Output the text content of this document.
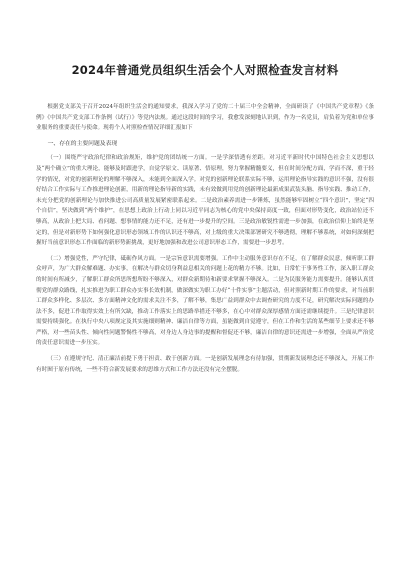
2024年普通党员组织生活会个人对照检查发言材料

根据党支部关于召开2024年组织生活会的通知要求，我深入学习了党的二十届三中全会精神，全面研读了《中国共产党章程》《条例》《中国共产党支部工作条例（试行）》等党内法规。通过这段时间的学习，我愈发深刻地认识到，作为一名党员，肩负着为党和单位事业服务的重要责任与使命。现将个人对照检查情况详细汇报如下

一、存在的主要问题及表现

（一）围绕严守政治纪律和政治规矩，维护党的团结统一方面。一是学深悟透有差距。对习近平新时代中国特色社会主义思想以及“两个确立”的重大理论，能够及时跟进学，自觉学原文、读原著、悟原理，努力掌握精髓要义，但在时间分配方面，学而不深，重于轻学的情况，对党的创新理论的理解不够深入，未能到全面深入学。对党的创新理论联系实际不够，运用理论指导实践的意识不强，没有很好结合工作实际与工作推进理论创新，用新的理论指导新的实践，未有效做到用党的创新理论最新成果武装头脑、指导实践、推动工作，未充分把党的创新理论与加快推进公司高质量发展紧密联系起来。二是政治素养需进一步锤炼，虽然能够牢固树立“四个意识”，坚定“四个自信”，坚决做到“两个维护”，在思想上政治上行动上同以习近平同志为核心的党中央保持高度一致，但面对形势变化，政治站位还不够高，从政治上把大局、看问题、想事情的能力还不足，还有进一步提升的空间。三是政治敏锐性需进一步加强，在政治信仰上始终是坚定的，但是对新形势下如何强化意识形态领域工作的认识还不够高，对上级的重大决策部署研究不够透彻，理解不够系统，对如何深刻把握好当前意识形态工作面临的新形势新挑战，更好地加强和改进公司意识形态工作，需要进一步思考。

（二）增强党性，严守纪律，砥砺作风方面。一是宗旨意识需要增强。工作中主动服务意识存在不足，在了解群众民意，倾听职工群众呼声，为广大群众解难题、办实事，在解决与群众切身利益息相关的问题上花的精力不够。比如，日常忙于事务性工作，深入职工群众的时间有所减少，了解职工群众所思所想所盼不够深入，对群众新期待和新要求掌握不够深入。二是为民服务能力需要提升。能够认真贯彻党的群众路线，扎实推进为职工群众办实事长效机制，做深做实为职工办好“十件实事”主题活动，但对照新时期工作的要求，对当前职工群众多样化、多层次、多方面精神文化的需求关注不多，了解不够，集思广益到群众中去调查研究的力度不足，研究解决实际问题的办法不多，促进工作取得实效上有所欠缺，推动工作落实上的思路举措还不够多，在心中对群众深厚感情方面还需继续提升。三是纪律意识需要持续强化。在执行中央八项规定及其实施细则精神、廉洁自律等方面，虽能做到自觉遵守，但在工作和生活的某些细节上要求还不够严格，对一些苗头性、倾向性问题警惕性不够高，对身边人身边事的提醒和督促还不够，廉洁自律的意识还需进一步增强，全面从严治党的责任意识需进一步压实。

（三）在遵规守纪、清正廉洁前提下勇于担责、敢于创新方面。一是创新发展理念有待加强，贯彻新发展理念还不够深入，开展工作有时囿于原有传统，一些不符合新发展要求的思维方式和工作方法还没有完全摆脱。
